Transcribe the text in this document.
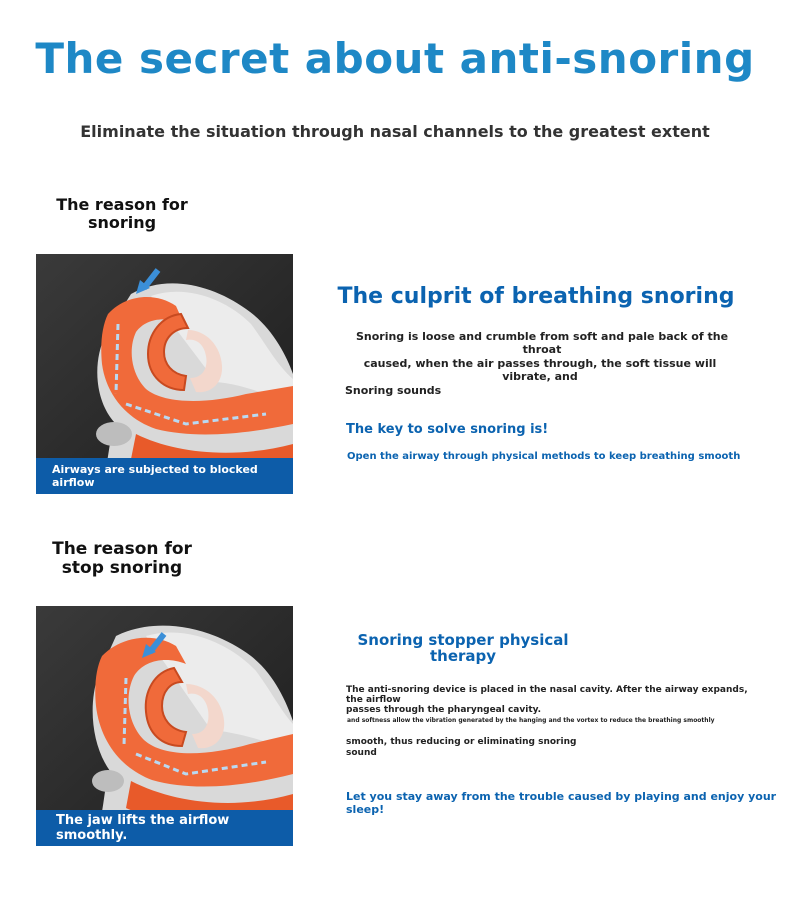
The secret about anti-snoring
Eliminate the situation through nasal channels to the greatest extent
The reason for
snoring
Airways are subjected to blocked airflow
The culprit of breathing snoring
Snoring is loose and crumble from soft and pale back of the throat
caused, when the air passes through, the soft tissue will vibrate, and
Snoring sounds
The key to solve snoring is!
Open the airway through physical methods to keep breathing smooth
The reason for
stop snoring
The jaw lifts the airflow smoothly.
Snoring stopper physical
therapy
The anti-snoring device is placed in the nasal cavity. After the airway expands, the airflow
passes through the pharyngeal cavity.
and softness allow the vibration generated by the hanging and the vortex to reduce the breathing smoothly
smooth, thus reducing or eliminating snoring
sound
Let you stay away from the trouble caused by playing and enjoy your sleep!
